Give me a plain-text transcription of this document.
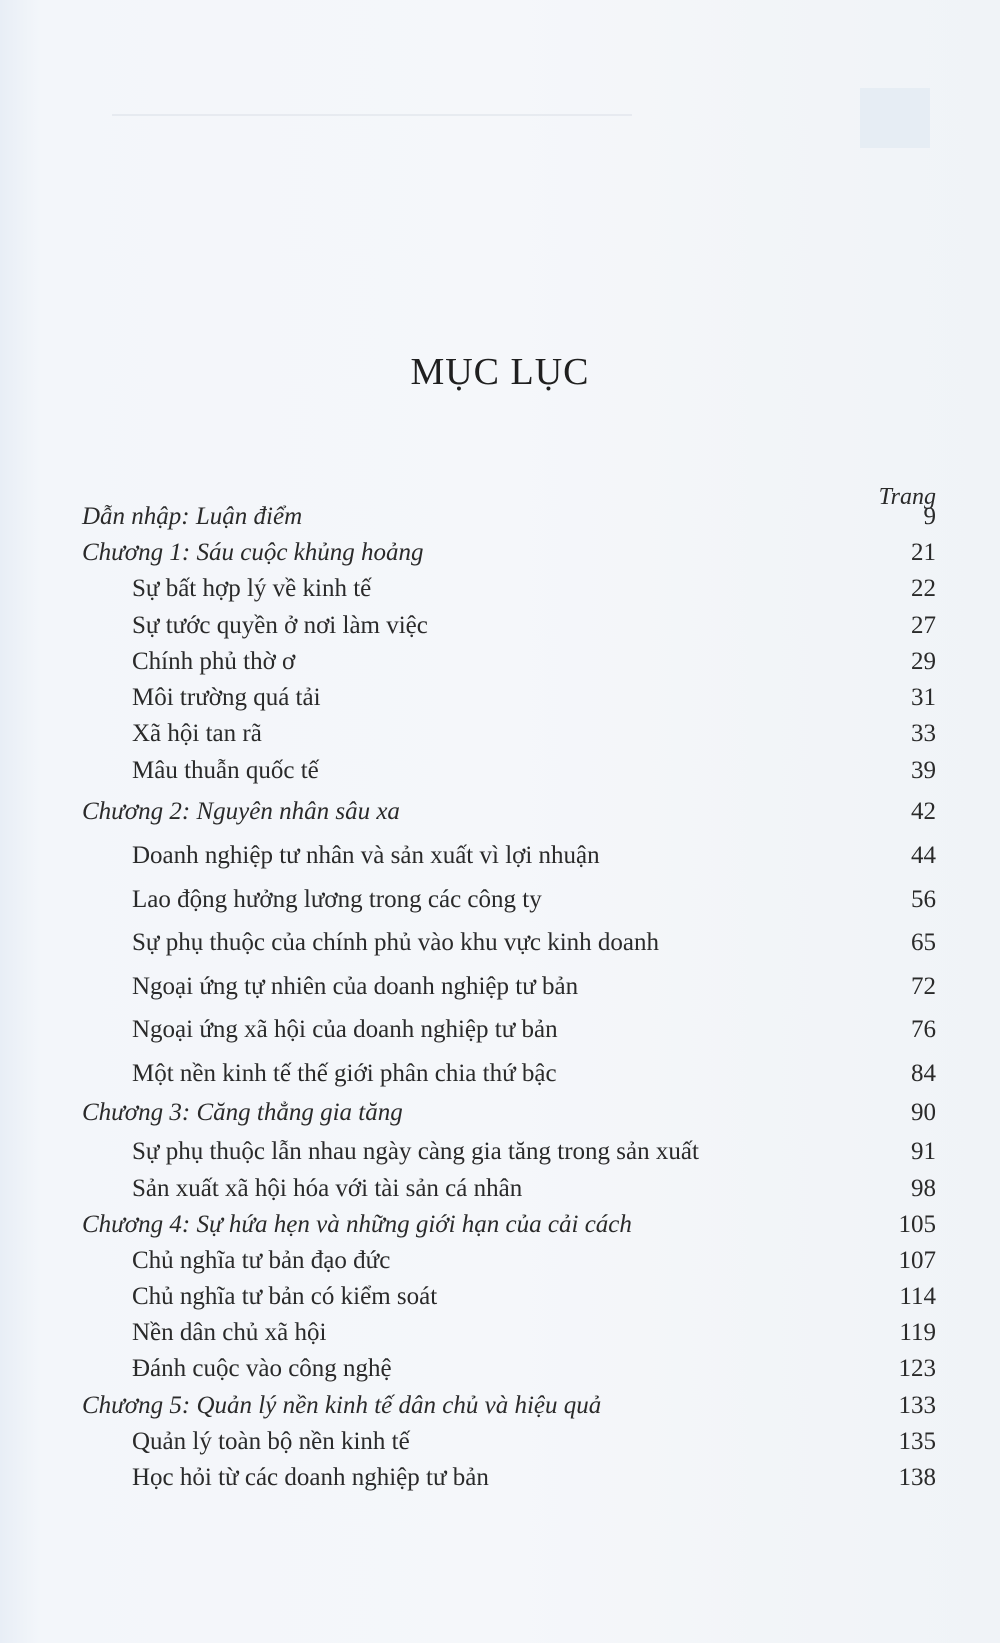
MỤC LỤC
Trang
Dẫn nhập: Luận điểm	9
Chương 1: Sáu cuộc khủng hoảng	21
Sự bất hợp lý về kinh tế	22
Sự tước quyền ở nơi làm việc	27
Chính phủ thờ ơ	29
Môi trường quá tải	31
Xã hội tan rã	33
Mâu thuẫn quốc tế	39
Chương 2: Nguyên nhân sâu xa	42
Doanh nghiệp tư nhân và sản xuất vì lợi nhuận	44
Lao động hưởng lương trong các công ty	56
Sự phụ thuộc của chính phủ vào khu vực kinh doanh	65
Ngoại ứng tự nhiên của doanh nghiệp tư bản	72
Ngoại ứng xã hội của doanh nghiệp tư bản	76
Một nền kinh tế thế giới phân chia thứ bậc	84
Chương 3: Căng thẳng gia tăng	90
Sự phụ thuộc lẫn nhau ngày càng gia tăng trong sản xuất	91
Sản xuất xã hội hóa với tài sản cá nhân	98
Chương 4: Sự hứa hẹn và những giới hạn của cải cách	105
Chủ nghĩa tư bản đạo đức	107
Chủ nghĩa tư bản có kiểm soát	114
Nền dân chủ xã hội	119
Đánh cuộc vào công nghệ	123
Chương 5: Quản lý nền kinh tế dân chủ và hiệu quả	133
Quản lý toàn bộ nền kinh tế	135
Học hỏi từ các doanh nghiệp tư bản	138
